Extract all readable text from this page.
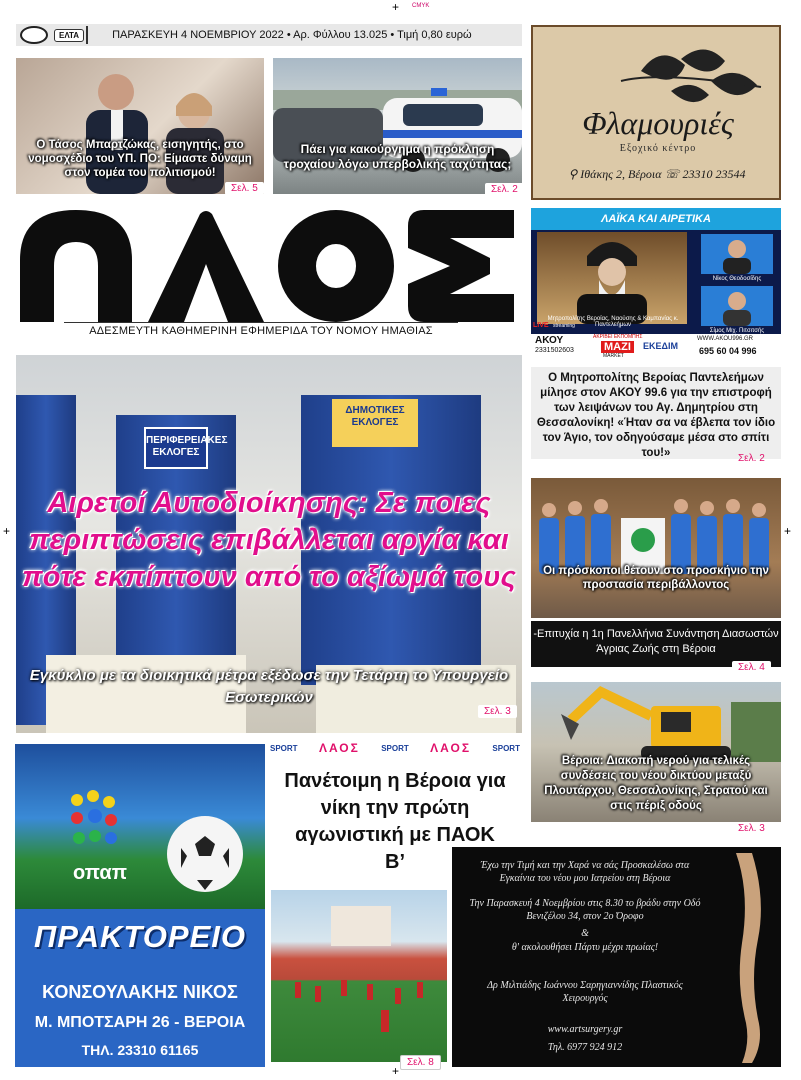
+ CMYK
+	+
+
ΕΛΤΑ	ΠΑΡΑΣΚΕΥΗ 4 ΝΟΕΜΒΡΙΟΥ 2022 • Αρ. Φύλλου 13.025 • Τιμή 0,80 ευρώ
Ο Τάσος Μπαρτζώκας, εισηγητής, στο νομοσχέδιο του ΥΠ. ΠΟ: Είμαστε δύναμη στον τομέα του πολιτισμού!
Σελ. 5
Πάει για κακούργημα η πρόκληση τροχαίου λόγω υπερβολικής ταχύτητας;
Σελ. 2
ΑΔΕΣΜΕΥΤΗ ΚΑΘΗΜΕΡΙΝΗ ΕΦΗΜΕΡΙΔΑ ΤΟΥ ΝΟΜΟΥ ΗΜΑΘΙΑΣ
Φλαμουριές
Εξοχικό κέντρο
⚲ Ιθάκης 2, Βέροια ☏ 23310 23544
ΛΑΪΚΑ ΚΑΙ ΑΙΡΕΤΙΚΑ
Μητροπολίτης Βεροίας, Ναούσης & Καμπανίας κ. Παντελεήμων
Νίκος Θεοδοσίδης
Σίμος Μιχ. Πιτσιτσής
ΑΚΟΥ
2331502603
ΑΚΡΙΒΕΙ ΕΚΠΟΜΠΗΣ
MAZI
MARKET
ΕΚΕΔΙΜ
WWW.AKOU996.GR
695 60 04 996
LIVE streaming
Ο Μητροπολίτης Βεροίας Παντελεήμων μίλησε στον ΑΚΟΥ 99.6 για την επιστροφή των λειψάνων του Αγ. Δημητρίου στη Θεσσαλονίκη! «Ήταν σα να έβλεπα τον ίδιο τον Άγιο, τον οδηγούσαμε μέσα στο σπίτι του!»	Σελ. 2
ΠΕΡΙΦΕΡΕΙΑΚΕΣ ΕΚΛΟΓΕΣ
ΔΗΜΟΤΙΚΕΣ ΕΚΛΟΓΕΣ
Αιρετοί Αυτοδιοίκησης: Σε ποιες περιπτώσεις επιβάλλεται αργία και πότε εκπίπτουν από το αξίωμά τους
Εγκύκλιο με τα διοικητικά μέτρα εξέδωσε την Τετάρτη το Υπουργείο Εσωτερικών
Σελ. 3
Οι πρόσκοποι θέτουν στο προσκήνιο την προστασία περιβάλλοντος
-Επιτυχία η 1η Πανελλήνια Συνάντηση Διασωστών Άγριας Ζωής στη Βέροια
Σελ. 4
Βέροια: Διακοπή νερού για τελικές συνδέσεις του νέου δικτύου μεταξύ Πλουτάρχου, Θεσσαλονίκης, Στρατού και στις πέριξ οδούς
Σελ. 3
οπαπ
ΠΡΑΚΤΟΡΕΙΟ
ΚΟΝΣΟΥΛΑΚΗΣ ΝΙΚΟΣ
Μ. ΜΠΟΤΣΑΡΗ 26 - ΒΕΡΟΙΑ
ΤΗΛ. 23310 61165
SPORT ΛΑΟΣ	SPORT ΛΑΟΣ	SPORT
Πανέτοιμη η Βέροια για νίκη την πρώτη αγωνιστική με ΠΑΟΚ Β’
Σελ. 8
Έχω την Τιμή και την Χαρά να σάς Προσκαλέσω στα Εγκαίνια του νέου μου Ιατρείου στη Βέροια
Την Παρασκευή 4 Νοεμβρίου στις 8.30 το βράδυ στην Οδό Βενιζέλου 34, στον 2ο Όροφο
&
θ' ακολουθήσει Πάρτυ μέχρι πρωίας!
Δρ Μιλτιάδης Ιωάννου Σαρηγιαννίδης Πλαστικός Χειρουργός
www.artsurgery.gr
Τηλ. 6977 924 912
